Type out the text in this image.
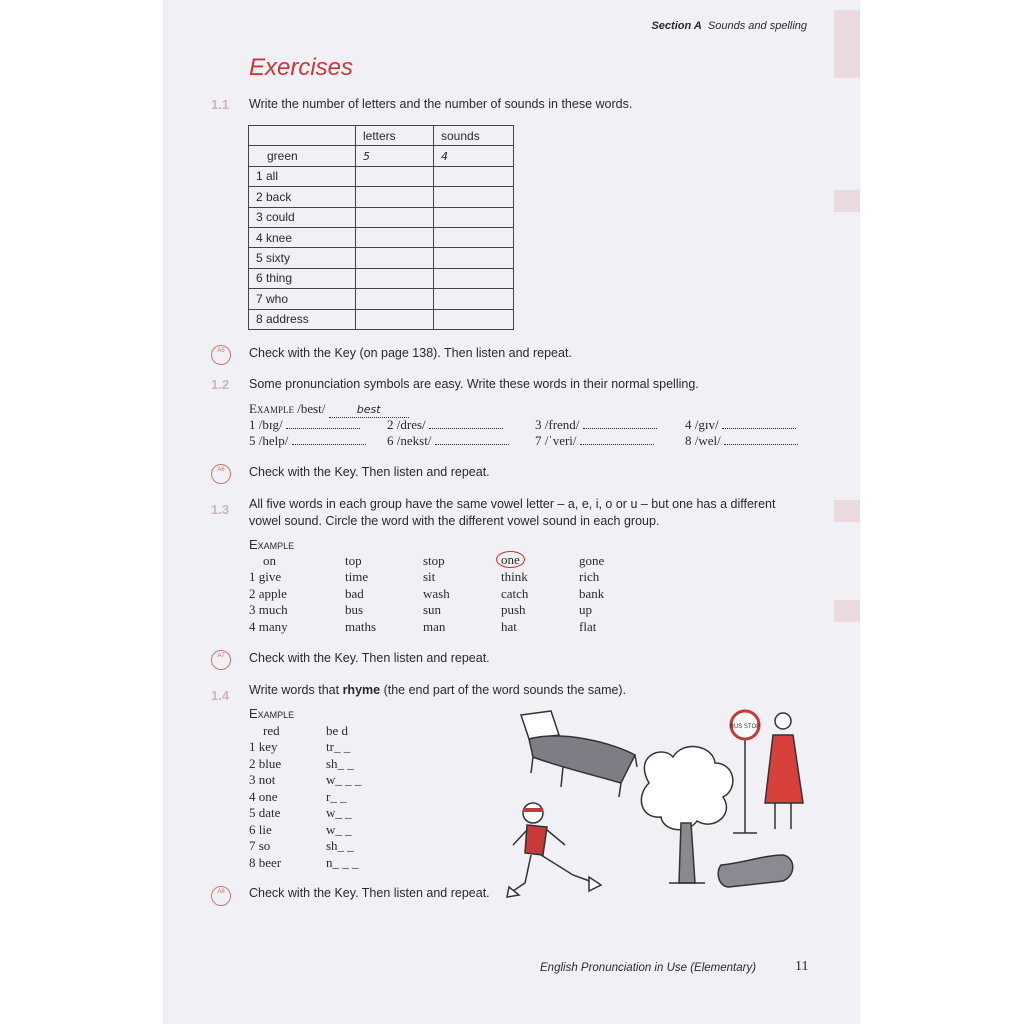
Section A Sounds and spelling
Exercises
1.1 Write the number of letters and the number of sounds in these words.
	letters	sounds
green	5	4
1 all		
2 back		
3 could		
4 knee		
5 sixty		
6 thing		
7 who		
8 address		
A5	Check with the Key (on page 138). Then listen and repeat.
1.2 Some pronunciation symbols are easy. Write these words in their normal spelling.
Example /best/	best
1 /bɪg/	2 /dres/	3 /frend/	4 /gɪv/
5 /help/	6 /nekst/	7 /ˈveri/	8 /wel/
A6	Check with the Key. Then listen and repeat.
1.3 All five words in each group have the same vowel letter – a, e, i, o or u – but one has a different
vowel sound. Circle the word with the different vowel sound in each group.
Example
on	top	stop	one	gone
1 give	time	sit	think	rich
2 apple	bad	wash	catch	bank
3 much	bus	sun	push	up
4 many	maths	man	hat	flat
A7	Check with the Key. Then listen and repeat.
1.4 Write words that rhyme (the end part of the word sounds the same).
Example
red	be d
1 key	tr_ _
2 blue	sh_ _
3 not	w_ _ _
4 one	r_ _
5 date	w_ _
6 lie	w_ _
7 so	sh_ _
8 beer	n_ _ _
BUS STOP
A8	Check with the Key. Then listen and repeat.
English Pronunciation in Use (Elementary)	11
